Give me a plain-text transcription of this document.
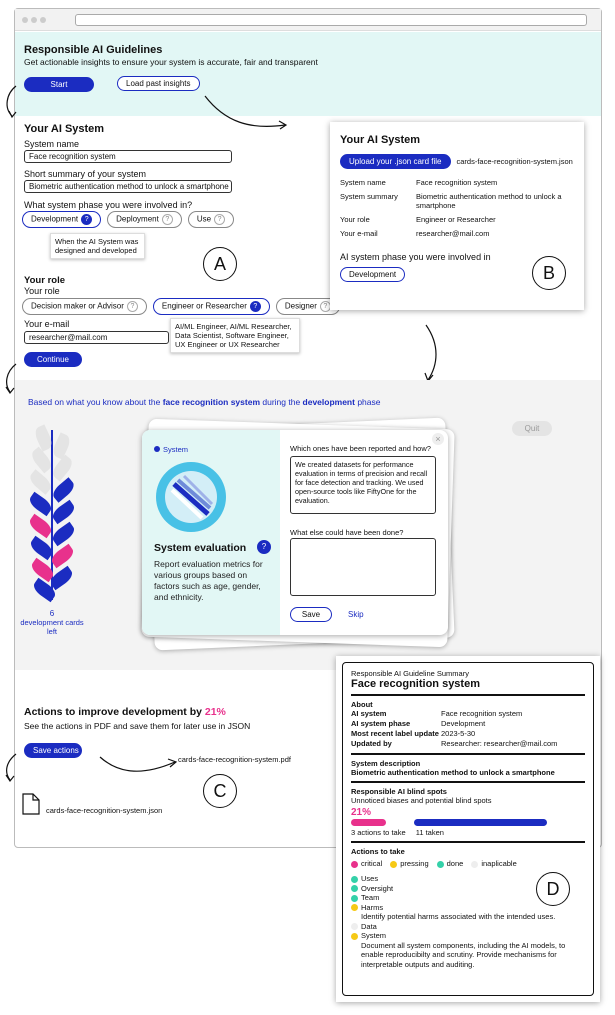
Responsible AI Guidelines
Get actionable insights to ensure your system is accurate, fair and transparent
Start	Load past insights
Your AI System
System name
Face recognition system
Short summary of your system
Biometric authentication method to unlock a smartphone
What system phase you were involved in?
Development ?	Deployment ?	Use ?
When the AI System was designed and developed
A
Your role
Your role
Decision maker or Advisor ?	Engineer or Researcher ?	Designer ?
AI/ML Engineer, AI/ML Researcher, Data Scientist, Software Engineer, UX Engineer or UX Researcher
Your e-mail
researcher@mail.com
Continue
Your AI System
Upload your .json card file	cards-face-recognition-system.json
System name	Face recognition system
System summary	Biometric authentication method to unlock a smartphone
Your role	Engineer or Researcher
Your e-mail	researcher@mail.com
AI system phase you were involved in
Development	B
Based on what you know about the face recognition system during the development phase
Quit
6
development cards left
System
System evaluation	?
Report evaluation metrics for various groups based on factors such as age, gender, and ethnicity.
×
Which ones have been reported and how?
We created datasets for performance evaluation in terms of precision and recall for face detection and tracking. We used open-source tools like FiftyOne for the evaluation.
What else could have been done?
Save	Skip
Actions to improve development by 21%
See the actions in PDF and save them for later use in JSON
Save actions
cards-face-recognition-system.pdf
C
cards-face-recognition-system.json
Responsible AI Guideline Summary
Face recognition system
About
AI system	Face recognition system
AI system phase	Development
Most recent label update 2023-5-30
Updated by	Researcher: researcher@mail.com
System description
Biometric authentication method to unlock a smartphone
Responsible AI blind spots
Unnoticed biases and potential blind spots
21%
3 actions to take 11 taken
Actions to take
critical	pressing	done	inaplicable
Uses
Oversight
Team
Harms
Identify potential harms associated with the intended uses.
Data
System
Document all system components, including the AI models, to enable reproducibilty and scrutiny. Provide mechanisms for interpretable outputs and auditing.
D
